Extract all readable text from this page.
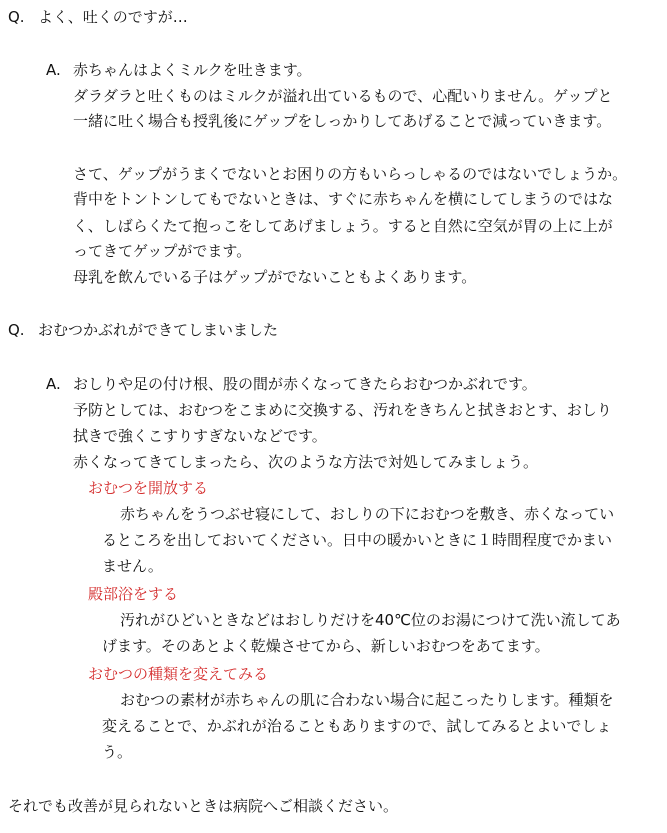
Q. よく、吐くのですが…

A. 赤ちゃんはよくミルクを吐きます。

ダラダラと吐くものはミルクが溢れ出ているもので、心配いりません。ゲップと

一緒に吐く場合も授乳後にゲップをしっかりしてあげることで減っていきます。

さて、ゲップがうまくでないとお困りの方もいらっしゃるのではないでしょうか。

背中をトントンしてもでないときは、すぐに赤ちゃんを横にしてしまうのではな

く、しばらくたて抱っこをしてあげましょう。すると自然に空気が胃の上に上が

ってきてゲップがでます。

母乳を飲んでいる子はゲップがでないこともよくあります。

Q. おむつかぶれができてしまいました

A. おしりや足の付け根、股の間が赤くなってきたらおむつかぶれです。

予防としては、おむつをこまめに交換する、汚れをきちんと拭きおとす、おしり

拭きで強くこすりすぎないなどです。

赤くなってきてしまったら、次のような方法で対処してみましょう。

おむつを開放する

赤ちゃんをうつぶせ寝にして、おしりの下におむつを敷き、赤くなってい

るところを出しておいてください。日中の暖かいときに１時間程度でかまい

ません。

殿部浴をする

汚れがひどいときなどはおしりだけを40℃位のお湯につけて洗い流してあ

げます。そのあとよく乾燥させてから、新しいおむつをあてます。

おむつの種類を変えてみる

おむつの素材が赤ちゃんの肌に合わない場合に起こったりします。種類を

変えることで、かぶれが治ることもありますので、試してみるとよいでしょ

う。

それでも改善が見られないときは病院へご相談ください。
